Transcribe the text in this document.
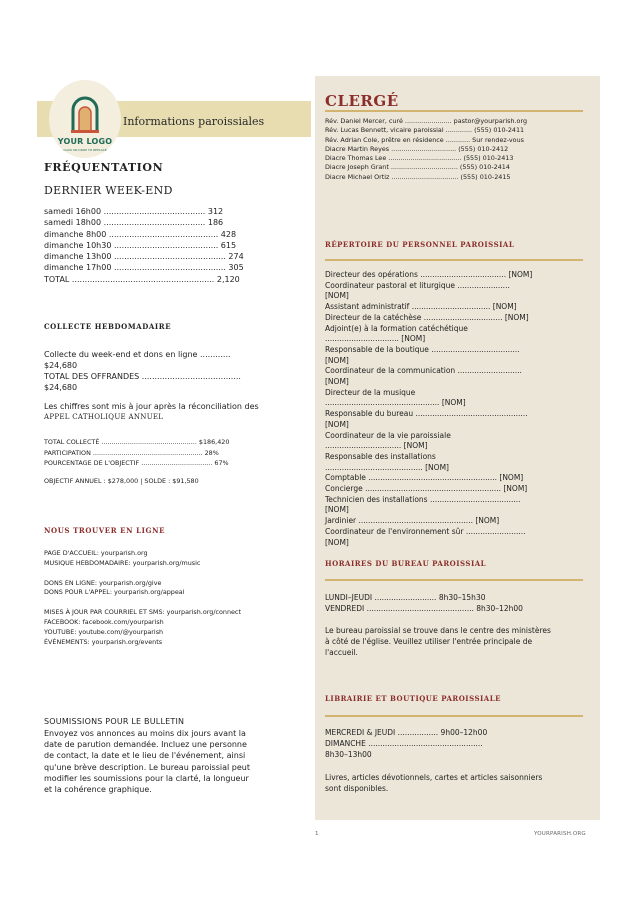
Informations paroissiales
YOUR LOGO
CLICK OR DROP TO REPLACE
FRÉQUENTATION
DERNIER WEEK-END
samedi 16h00 ........................................ 312
samedi 18h00 ........................................ 186
dimanche 8h00 ........................................... 428
dimanche 10h30 ......................................... 615
dimanche 13h00 ............................................ 274
dimanche 17h00 ............................................ 305
TOTAL ........................................................ 2,120
COLLECTE HEBDOMADAIRE
Collecte du week-end et dons en ligne ............
$24,680
TOTAL DES OFFRANDES .......................................
$24,680
Les chiffres sont mis à jour après la réconciliation des
APPEL CATHOLIQUE ANNUEL
TOTAL COLLECTÉ ............................................... $186,420
PARTICIPATION ...................................................... 28%
POURCENTAGE DE L'OBJECTIF ................................... 67%
OBJECTIF ANNUEL : $278,000 | SOLDE : $91,580
NOUS TROUVER EN LIGNE
PAGE D'ACCUEIL: yourparish.org
MUSIQUE HEBDOMADAIRE: yourparish.org/music
DONS EN LIGNE: yourparish.org/give
DONS POUR L'APPEL: yourparish.org/appeal
MISES À JOUR PAR COURRIEL ET SMS: yourparish.org/connect
FACEBOOK: facebook.com/yourparish
YOUTUBE: youtube.com/@yourparish
ÉVÉNEMENTS: yourparish.org/events
SOUMISSIONS POUR LE BULLETIN
Envoyez vos annonces au moins dix jours avant la
date de parution demandée. Incluez une personne
de contact, la date et le lieu de l'événement, ainsi
qu'une brève description. Le bureau paroissial peut
modifier les soumissions pour la clarté, la longueur
et la cohérence graphique.
CLERGÉ
Rév. Daniel Mercer, curé ....................... pastor@yourparish.org
Rév. Lucas Bennett, vicaire paroissial ............. (555) 010-2411
Rév. Adrian Cole, prêtre en résidence ............ Sur rendez-vous
Diacre Martin Reyes ................................ (555) 010-2412
Diacre Thomas Lee .................................... (555) 010-2413
Diacre Joseph Grant ................................. (555) 010-2414
Diacre Michael Ortiz ................................. (555) 010-2415
RÉPERTOIRE DU PERSONNEL PAROISSIAL
Directeur des opérations .................................... [NOM]
Coordinateur pastoral et liturgique ......................
[NOM]
Assistant administratif ................................. [NOM]
Directeur de la catéchèse ................................. [NOM]
Adjoint(e) à la formation catéchétique
............................... [NOM]
Responsable de la boutique .....................................
[NOM]
Coordinateur de la communication ...........................
[NOM]
Directeur de la musique
................................................ [NOM]
Responsable du bureau ...............................................
[NOM]
Coordinateur de la vie paroissiale
................................ [NOM]
Responsable des installations
......................................... [NOM]
Comptable ...................................................... [NOM]
Concierge ......................................................... [NOM]
Technicien des installations ......................................
[NOM]
Jardinier ................................................ [NOM]
Coordinateur de l'environnement sûr .........................
[NOM]
HORAIRES DU BUREAU PAROISSIAL
LUNDI–JEUDI .......................... 8h30–15h30
VENDREDI ............................................. 8h30–12h00
Le bureau paroissial se trouve dans le centre des ministères à côté de l'église. Veuillez utiliser l'entrée principale de l'accueil.
LIBRAIRIE ET BOUTIQUE PAROISSIALE
MERCREDI & JEUDI ................. 9h00–12h00
DIMANCHE ................................................
8h30–13h00
Livres, articles dévotionnels, cartes et articles saisonniers sont disponibles.
1	YOURPARISH.ORG
